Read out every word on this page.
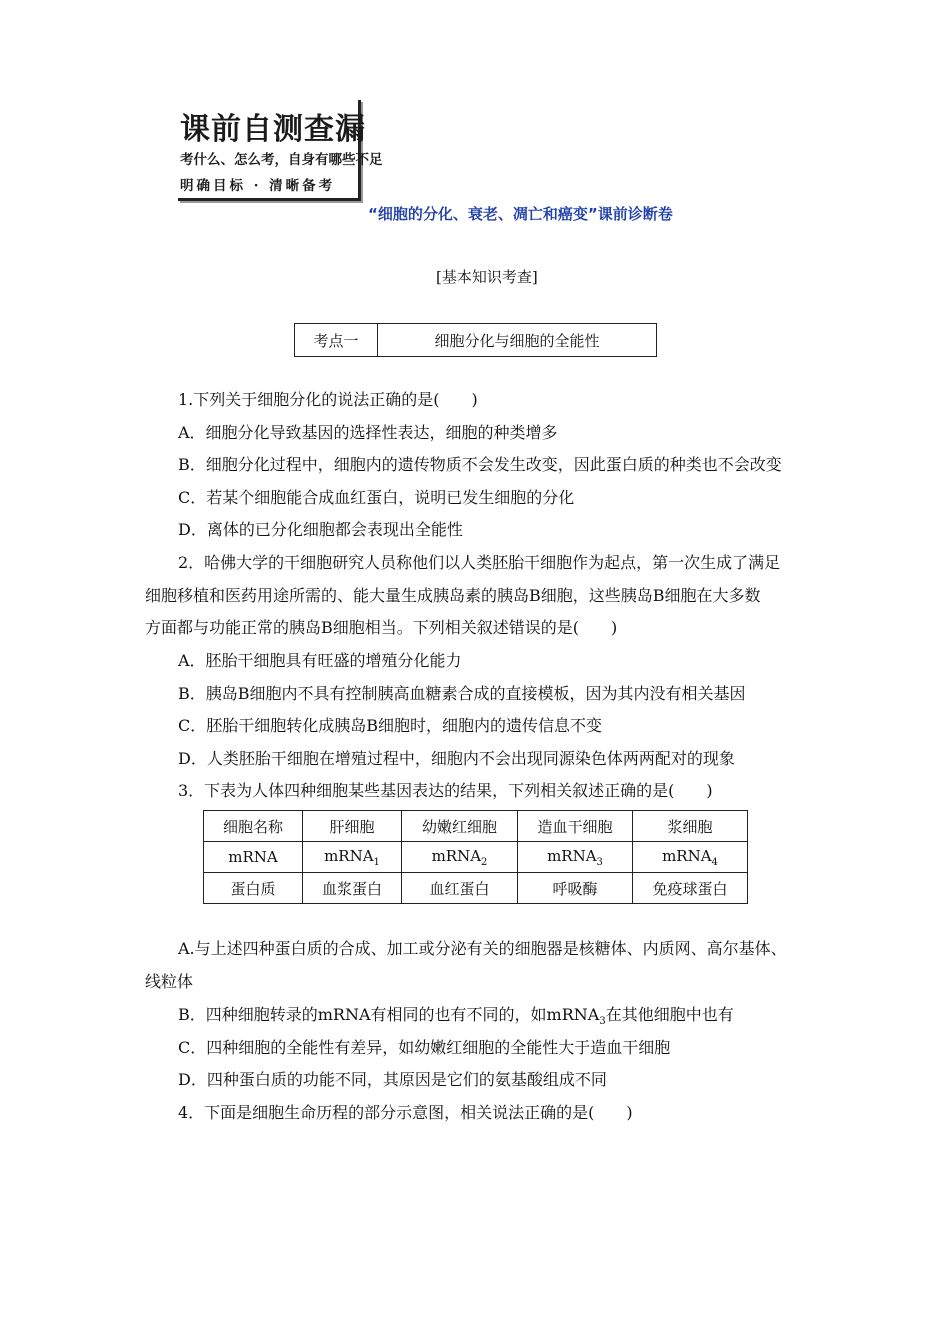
课前自测查漏
考什么、怎么考，自身有哪些不足
明确目标 · 清晰备考
“细胞的分化、衰老、凋亡和癌变”课前诊断卷
[基本知识考查]
考点一	细胞分化与细胞的全能性
1.下列关于细胞分化的说法正确的是(　　)
A．细胞分化导致基因的选择性表达，细胞的种类增多
B．细胞分化过程中，细胞内的遗传物质不会发生改变，因此蛋白质的种类也不会改变
C．若某个细胞能合成血红蛋白，说明已发生细胞的分化
D．离体的已分化细胞都会表现出全能性
2．哈佛大学的干细胞研究人员称他们以人类胚胎干细胞作为起点，第一次生成了满足
细胞移植和医药用途所需的、能大量生成胰岛素的胰岛B细胞，这些胰岛B细胞在大多数
方面都与功能正常的胰岛B细胞相当。下列相关叙述错误的是(　　)
A．胚胎干细胞具有旺盛的增殖分化能力
B．胰岛B细胞内不具有控制胰高血糖素合成的直接模板，因为其内没有相关基因
C．胚胎干细胞转化成胰岛B细胞时，细胞内的遗传信息不变
D．人类胚胎干细胞在增殖过程中，细胞内不会出现同源染色体两两配对的现象
3．下表为人体四种细胞某些基因表达的结果，下列相关叙述正确的是(　　)
细胞名称	肝细胞	幼嫩红细胞	造血干细胞	浆细胞
mRNA	mRNA$_1$	mRNA$_2$	mRNA$_3$	mRNA$_4$
蛋白质	血浆蛋白	血红蛋白	呼吸酶	免疫球蛋白
A.与上述四种蛋白质的合成、加工或分泌有关的细胞器是核糖体、内质网、高尔基体、
线粒体
B．四种细胞转录的mRNA有相同的也有不同的，如mRNA$_3$在其他细胞中也有
C．四种细胞的全能性有差异，如幼嫩红细胞的全能性大于造血干细胞
D．四种蛋白质的功能不同，其原因是它们的氨基酸组成不同
4．下面是细胞生命历程的部分示意图，相关说法正确的是(　　)
